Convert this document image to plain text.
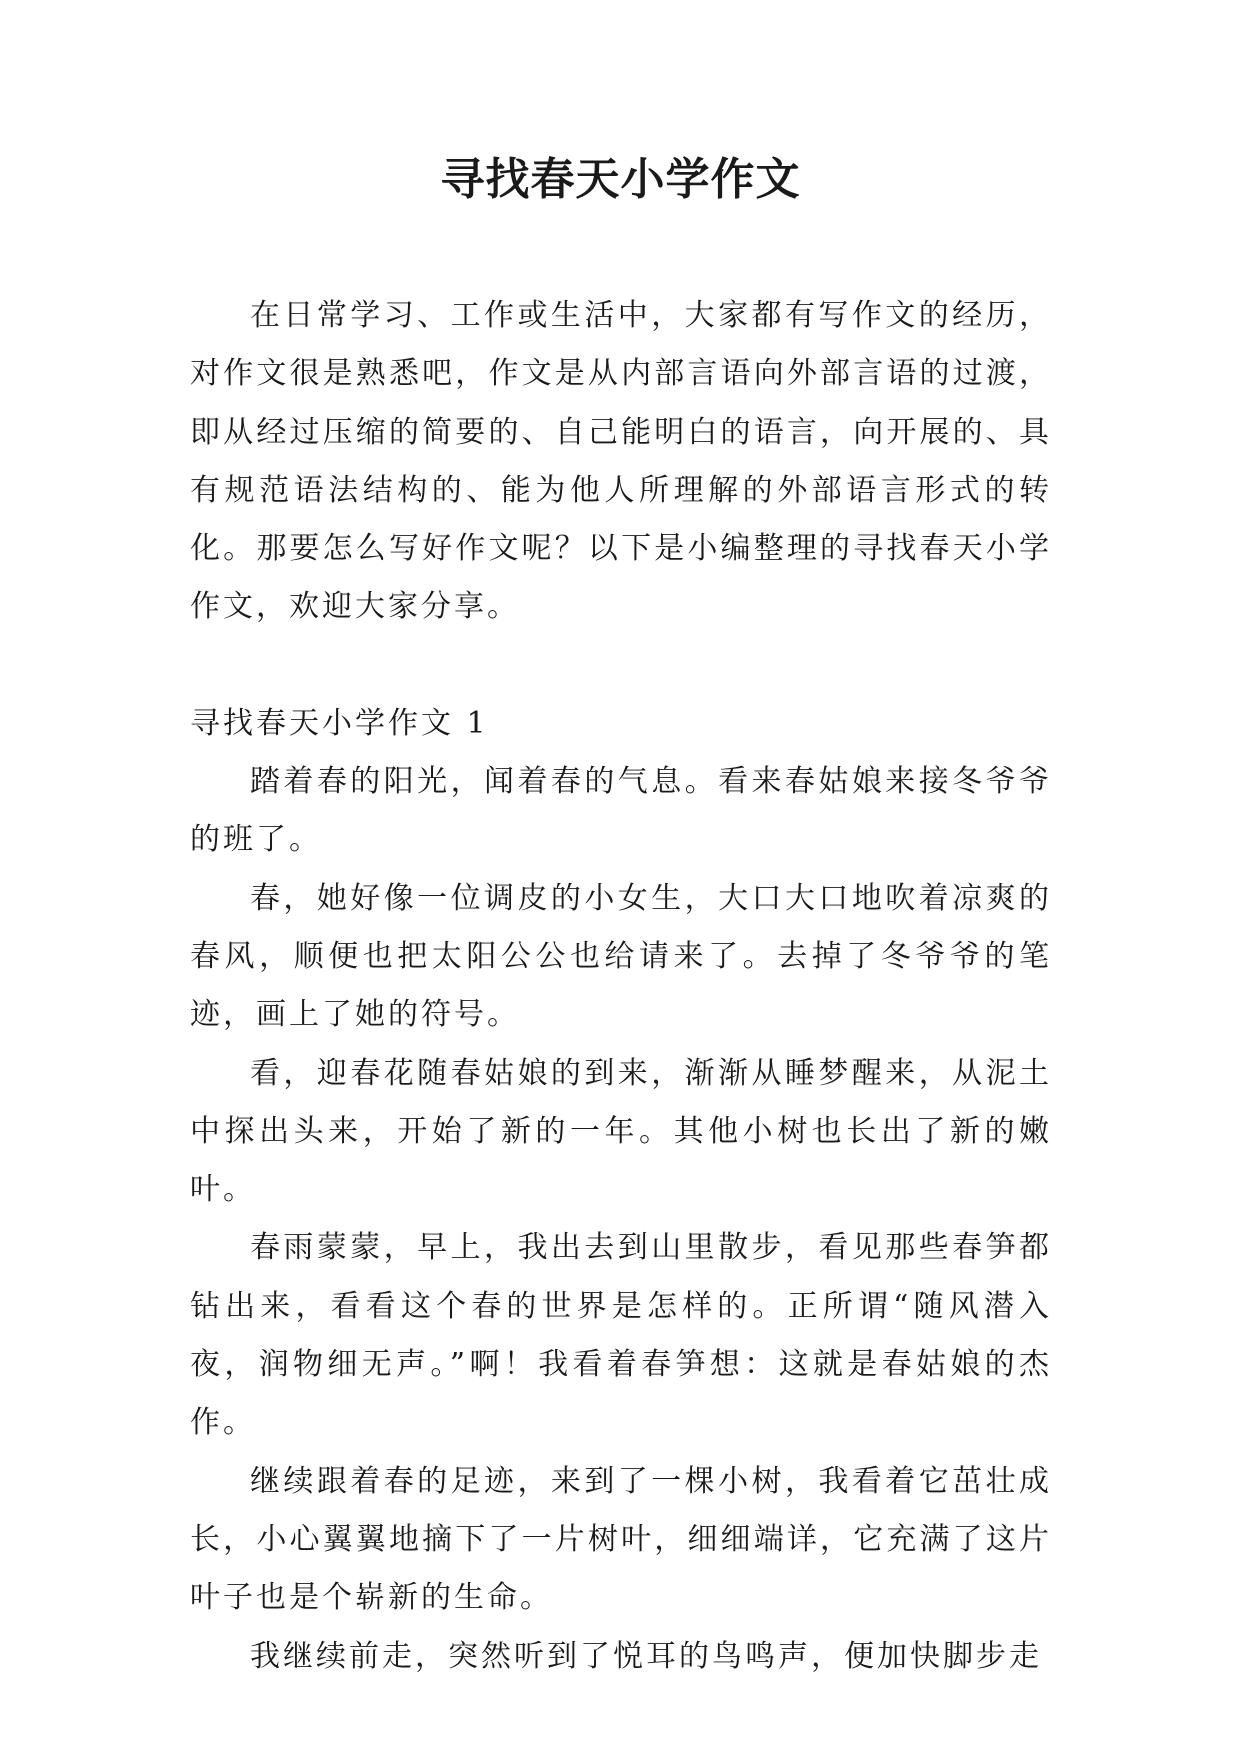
寻找春天小学作文

在日常学习、工作或生活中，大家都有写作文的经历，对作文很是熟悉吧，作文是从内部言语向外部言语的过渡，即从经过压缩的简要的、自己能明白的语言，向开展的、具有规范语法结构的、能为他人所理解的外部语言形式的转化。那要怎么写好作文呢？以下是小编整理的寻找春天小学作文，欢迎大家分享。

寻找春天小学作文 1

踏着春的阳光，闻着春的气息。看来春姑娘来接冬爷爷的班了。

春，她好像一位调皮的小女生，大口大口地吹着凉爽的春风，顺便也把太阳公公也给请来了。去掉了冬爷爷的笔迹，画上了她的符号。

看，迎春花随春姑娘的到来，渐渐从睡梦醒来，从泥土中探出头来，开始了新的一年。其他小树也长出了新的嫩叶。

春雨蒙蒙，早上，我出去到山里散步，看见那些春笋都钻出来，看看这个春的世界是怎样的。正所谓“随风潜入夜，润物细无声。”啊！我看着春笋想：这就是春姑娘的杰作。

继续跟着春的足迹，来到了一棵小树，我看着它茁壮成长，小心翼翼地摘下了一片树叶，细细端详，它充满了这片叶子也是个崭新的生命。

我继续前走，突然听到了悦耳的鸟鸣声，便加快脚步走
